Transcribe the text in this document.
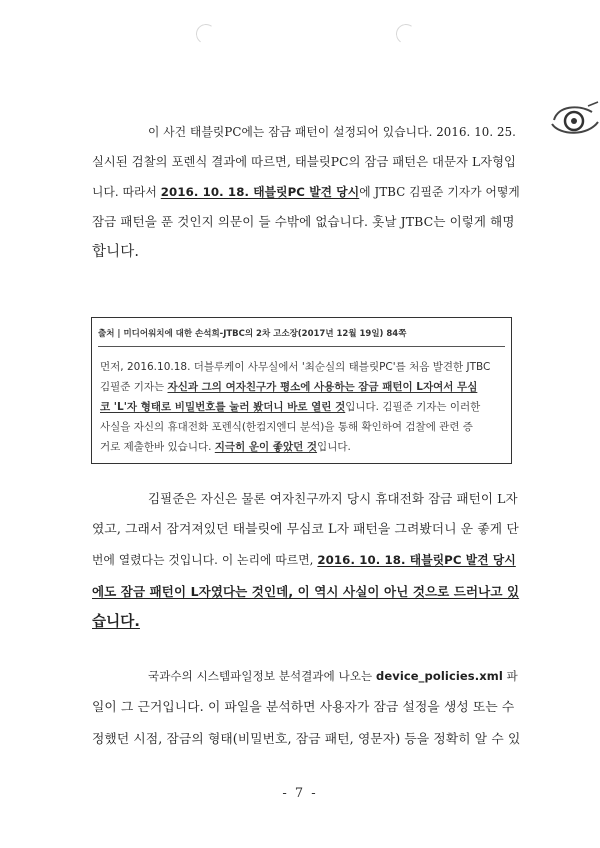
이 사건 태블릿PC에는 잠금 패턴이 설정되어 있습니다. 2016. 10. 25.
실시된 검찰의 포렌식 결과에 따르면, 태블릿PC의 잠금 패턴은 대문자 L자형입
니다. 따라서 2016. 10. 18. 태블릿PC 발견 당시에 JTBC 김필준 기자가 어떻게
잠금 패턴을 푼 것인지 의문이 들 수밖에 없습니다. 홋날 JTBC는 이렇게 해명
합니다.
출처 | 미디어워치에 대한 손석희-JTBC의 2차 고소장(2017년 12월 19일) 84쪽
먼저, 2016.10.18. 더블루케이 사무실에서 '최순실의 태블릿PC'를 처음 발견한 JTBC
김필준 기자는 자신과 그의 여자친구가 평소에 사용하는 잠금 패턴이 L자여서 무심
코 'L'자 형태로 비밀번호를 눌러 봤더니 바로 열린 것입니다. 김필준 기자는 이러한
사실을 자신의 휴대전화 포렌식(한컴지엔디 분석)을 통해 확인하여 검찰에 관련 증
거로 제출한바 있습니다. 지극히 운이 좋았던 것입니다.
김필준은 자신은 물론 여자친구까지 당시 휴대전화 잠금 패턴이 L자
였고, 그래서 잠겨져있던 태블릿에 무심코 L자 패턴을 그려봤더니 운 좋게 단
번에 열렸다는 것입니다. 이 논리에 따르면, 2016. 10. 18. 태블릿PC 발견 당시
에도 잠금 패턴이 L자였다는 것인데, 이 역시 사실이 아닌 것으로 드러나고 있
습니다.
국과수의 시스템파일정보 분석결과에 나오는 device_policies.xml 파
일이 그 근거입니다. 이 파일을 분석하면 사용자가 잠금 설정을 생성 또는 수
정했던 시점, 잠금의 형태(비밀번호, 잠금 패턴, 영문자) 등을 정확히 알 수 있
- 7 -
